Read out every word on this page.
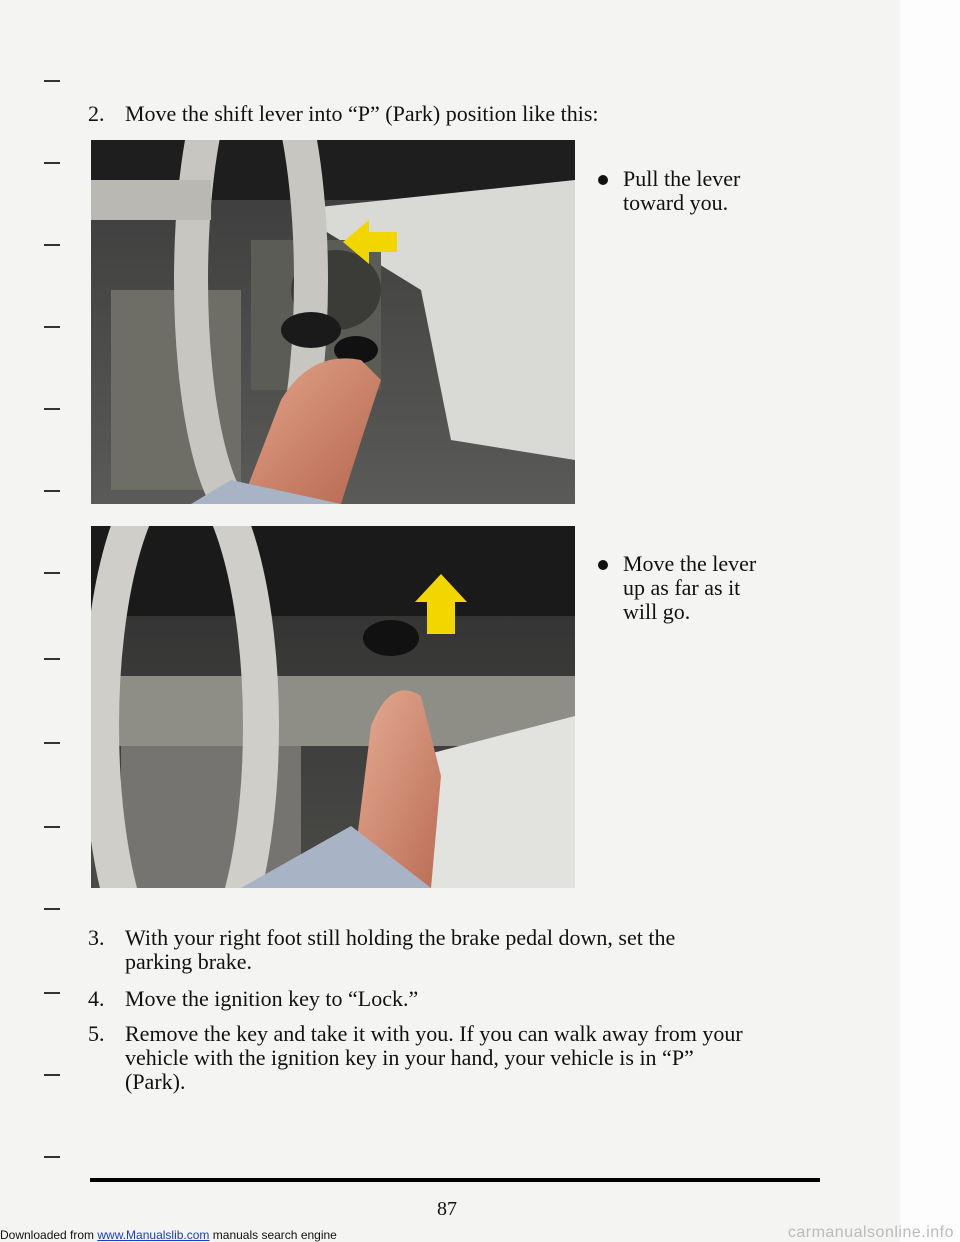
2. Move the shift lever into “P” (Park) position like this:
Pull the lever
toward you.
Move the lever
up as far as it
will go.
3. With your right foot still holding the brake pedal down, set the
parking brake.
4. Move the ignition key to “Lock.”
5. Remove the key and take it with you. If you can walk away from your
vehicle with the ignition key in your hand, your vehicle is in “P”
(Park).
87
Downloaded from www.Manualslib.com manuals search engine	carmanualsonline.info
